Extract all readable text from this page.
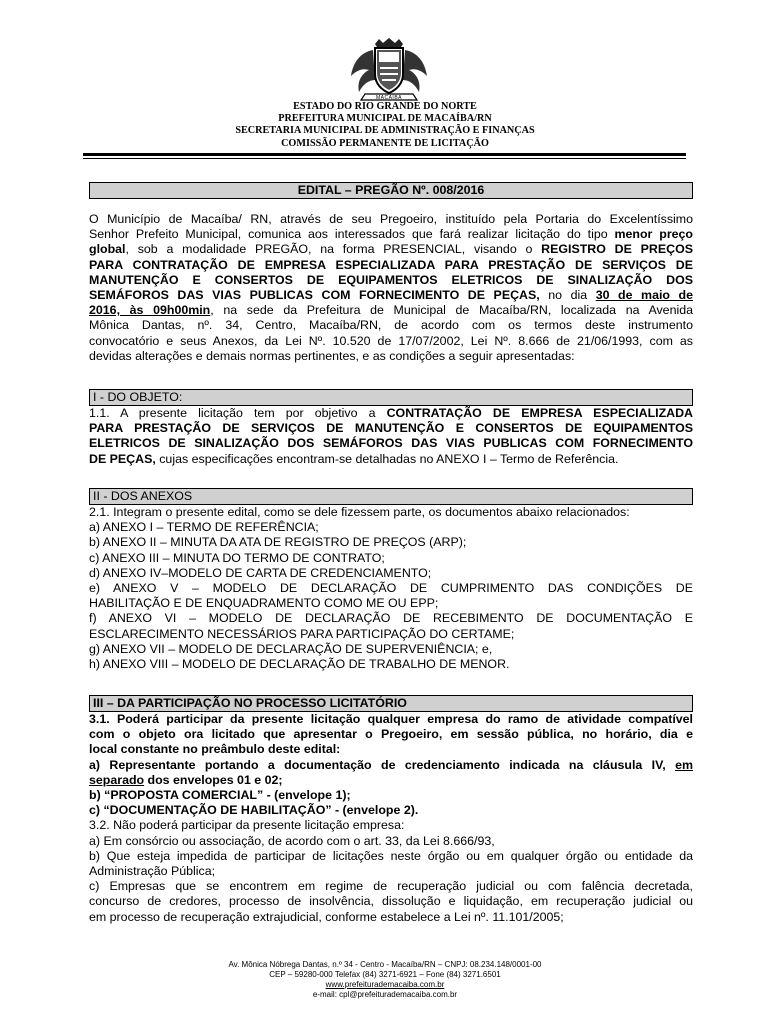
MACAÍBA
ESTADO DO RIO GRANDE DO NORTE
PREFEITURA MUNICIPAL DE MACAÍBA/RN
SECRETARIA MUNICIPAL DE ADMINISTRAÇÃO E FINANÇAS
COMISSÃO PERMANENTE DE LICITAÇÃO
EDITAL – PREGÃO Nº. 008/2016

O Município de Macaíba/ RN, através de seu Pregoeiro, instituído pela Portaria do Excelentíssimo

Senhor Prefeito Municipal, comunica aos interessados que fará realizar licitação do tipo menor preço

global, sob a modalidade PREGÃO, na forma PRESENCIAL, visando o REGISTRO DE PREÇOS

PARA CONTRATAÇÃO DE EMPRESA ESPECIALIZADA PARA PRESTAÇÃO DE SERVIÇOS DE

MANUTENÇÃO E CONSERTOS DE EQUIPAMENTOS ELETRICOS DE SINALIZAÇÃO DOS

SEMÁFOROS DAS VIAS PUBLICAS COM FORNECIMENTO DE PEÇAS, no dia 30 de maio de

2016, às 09h00min, na sede da Prefeitura de Municipal de Macaíba/RN, localizada na Avenida

Mônica Dantas, nº. 34, Centro, Macaíba/RN, de acordo com os termos deste instrumento

convocatório e seus Anexos, da Lei Nº. 10.520 de 17/07/2002, Lei Nº. 8.666 de 21/06/1993, com as

devidas alterações e demais normas pertinentes, e as condições a seguir apresentadas:

I - DO OBJETO:

1.1. A presente licitação tem por objetivo a CONTRATAÇÃO DE EMPRESA ESPECIALIZADA

PARA PRESTAÇÃO DE SERVIÇOS DE MANUTENÇÃO E CONSERTOS DE EQUIPAMENTOS

ELETRICOS DE SINALIZAÇÃO DOS SEMÁFOROS DAS VIAS PUBLICAS COM FORNECIMENTO

DE PEÇAS, cujas especificações encontram-se detalhadas no ANEXO I – Termo de Referência.

II - DOS ANEXOS

2.1. Integram o presente edital, como se dele fizessem parte, os documentos abaixo relacionados:

a) ANEXO I – TERMO DE REFERÊNCIA;

b) ANEXO II – MINUTA DA ATA DE REGISTRO DE PREÇOS (ARP);

c) ANEXO III – MINUTA DO TERMO DE CONTRATO;

d) ANEXO IV–MODELO DE CARTA DE CREDENCIAMENTO;

e) ANEXO V – MODELO DE DECLARAÇÃO DE CUMPRIMENTO DAS CONDIÇÕES DE

HABILITAÇÃO E DE ENQUADRAMENTO COMO ME OU EPP;

f) ANEXO VI – MODELO DE DECLARAÇÃO DE RECEBIMENTO DE DOCUMENTAÇÃO E

ESCLARECIMENTO NECESSÁRIOS PARA PARTICIPAÇÃO DO CERTAME;

g) ANEXO VII – MODELO DE DECLARAÇÃO DE SUPERVENIÊNCIA; e,

h) ANEXO VIII – MODELO DE DECLARAÇÃO DE TRABALHO DE MENOR.

III – DA PARTICIPAÇÃO NO PROCESSO LICITATÓRIO

3.1. Poderá participar da presente licitação qualquer empresa do ramo de atividade compatível

com o objeto ora licitado que apresentar o Pregoeiro, em sessão pública, no horário, dia e

local constante no preâmbulo deste edital:

a) Representante portando a documentação de credenciamento indicada na cláusula IV, em

separado dos envelopes 01 e 02;

b) “PROPOSTA COMERCIAL” - (envelope 1);

c) “DOCUMENTAÇÃO DE HABILITAÇÃO” - (envelope 2).

3.2. Não poderá participar da presente licitação empresa:

a) Em consórcio ou associação, de acordo com o art. 33, da Lei 8.666/93,

b) Que esteja impedida de participar de licitações neste órgão ou em qualquer órgão ou entidade da

Administração Pública;

c) Empresas que se encontrem em regime de recuperação judicial ou com falência decretada,

concurso de credores, processo de insolvência, dissolução e liquidação, em recuperação judicial ou

em processo de recuperação extrajudicial, conforme estabelece a Lei nº. 11.101/2005;

Av. Mônica Nóbrega Dantas, n.º 34 - Centro - Macaíba/RN – CNPJ: 08.234.148/0001-00
CEP – 59280-000 Telefax (84) 3271-6921 – Fone (84) 3271.6501
www.prefeiturademacaiba.com.br
e-mail: cpl@prefeiturademacaiba.com.br
